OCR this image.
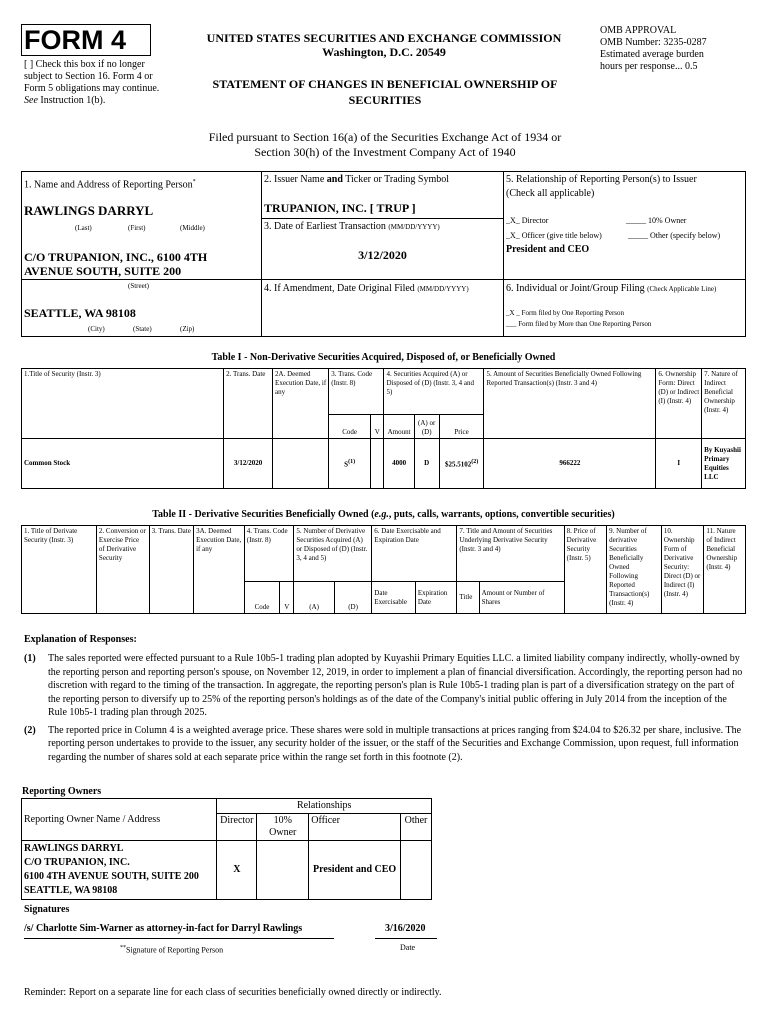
FORM 4
[ ] Check this box if no longer subject to Section 16. Form 4 or Form 5 obligations may continue. See Instruction 1(b).
UNITED STATES SECURITIES AND EXCHANGE COMMISSION
Washington, D.C. 20549
STATEMENT OF CHANGES IN BENEFICIAL OWNERSHIP OF SECURITIES
OMB APPROVAL
OMB Number: 3235-0287
Estimated average burden
hours per response... 0.5
Filed pursuant to Section 16(a) of the Securities Exchange Act of 1934 or
Section 30(h) of the Investment Company Act of 1940
1. Name and Address of Reporting Person*
RAWLINGS DARRYL
(Last)	(First)	(Middle)
C/O TRUPANION, INC., 6100 4TH AVENUE SOUTH, SUITE 200
(Street)
SEATTLE, WA 98108
(City)	(State)	(Zip)
2. Issuer Name and Ticker or Trading Symbol
TRUPANION, INC. [ TRUP ]
3. Date of Earliest Transaction (MM/DD/YYYY)
3/12/2020
4. If Amendment, Date Original Filed (MM/DD/YYYY)
5. Relationship of Reporting Person(s) to Issuer
(Check all applicable)
_X_ Director	_____ 10% Owner
_X_ Officer (give title below)	_____ Other (specify below)
President and CEO
6. Individual or Joint/Group Filing (Check Applicable Line)
_X _ Form filed by One Reporting Person
___ Form filed by More than One Reporting Person
Table I - Non-Derivative Securities Acquired, Disposed of, or Beneficially Owned
1.Title of Security (Instr. 3)	2. Trans. Date	2A. Deemed Execution Date, if any	3. Trans. Code (Instr. 8)		4. Securities Acquired (A) or Disposed of (D) (Instr. 3, 4 and 5)			5. Amount of Securities Beneficially Owned Following Reported Transaction(s) (Instr. 3 and 4)	6. Ownership Form: Direct (D) or Indirect (I) (Instr. 4)	7. Nature of Indirect Beneficial Ownership (Instr. 4)
			Code	V	Amount	(A) or (D)	Price			
Common Stock	3/12/2020		$S^{(1)}$		4000	D	$25.5102$^{(2)}$	966222	I	By Kuyashii Primary Equities LLC
Table II - Derivative Securities Beneficially Owned (e.g., puts, calls, warrants, options, convertible securities)
1. Title of Derivate Security (Instr. 3)	2. Conversion or Exercise Price of Derivative Security	3. Trans. Date	3A. Deemed Execution Date, if any	4. Trans. Code (Instr. 8)		5. Number of Derivative Securities Acquired (A) or Disposed of (D) (Instr. 3, 4 and 5)		6. Date Exercisable and Expiration Date		7. Title and Amount of Securities Underlying Derivative Security (Instr. 3 and 4)		8. Price of Derivative Security (Instr. 5)	9. Number of derivative Securities Beneficially Owned Following Reported Transaction(s) (Instr. 4)	10. Ownership Form of Derivative Security: Direct (D) or Indirect (I) (Instr. 4)	11. Nature of Indirect Beneficial Ownership (Instr. 4)
				Code	V	(A)	(D)	Date Exercisable	Expiration Date	Title	Amount or Number of Shares				
Explanation of Responses:
(1)	The sales reported were effected pursuant to a Rule 10b5-1 trading plan adopted by Kuyashii Primary Equities LLC. a limited liability company indirectly, wholly-owned by the reporting person and reporting person's spouse, on November 12, 2019, in order to implement a plan of financial diversification. Accordingly, the reporting person had no discretion with regard to the timing of the transaction. In aggregate, the reporting person's plan is Rule 10b5-1 trading plan is part of a diversification strategy on the part of the reporting person to diversify up to 25% of the reporting person's holdings as of the date of the Company's initial public offering in July 2014 from the inception of the Rule 10b5-1 trading plan through 2025.
(2)	The reported price in Column 4 is a weighted average price. These shares were sold in multiple transactions at prices ranging from $24.04 to $26.32 per share, inclusive. The reporting person undertakes to provide to the issuer, any security holder of the issuer, or the staff of the Securities and Exchange Commission, upon request, full information regarding the number of shares sold at each separate price within the range set forth in this footnote (2).
Reporting Owners
Reporting Owner Name / Address	Relationships			
	Director	10% Owner	Officer	Other

RAWLINGS DARRYL
C/O TRUPANION, INC.
6100 4TH AVENUE SOUTH, SUITE 200
SEATTLE, WA 98108	X		President and CEO	
Signatures
/s/ Charlotte Sim-Warner as attorney-in-fact for Darryl Rawlings	3/16/2020
**Signature of Reporting Person	Date
Reminder: Report on a separate line for each class of securities beneficially owned directly or indirectly.
